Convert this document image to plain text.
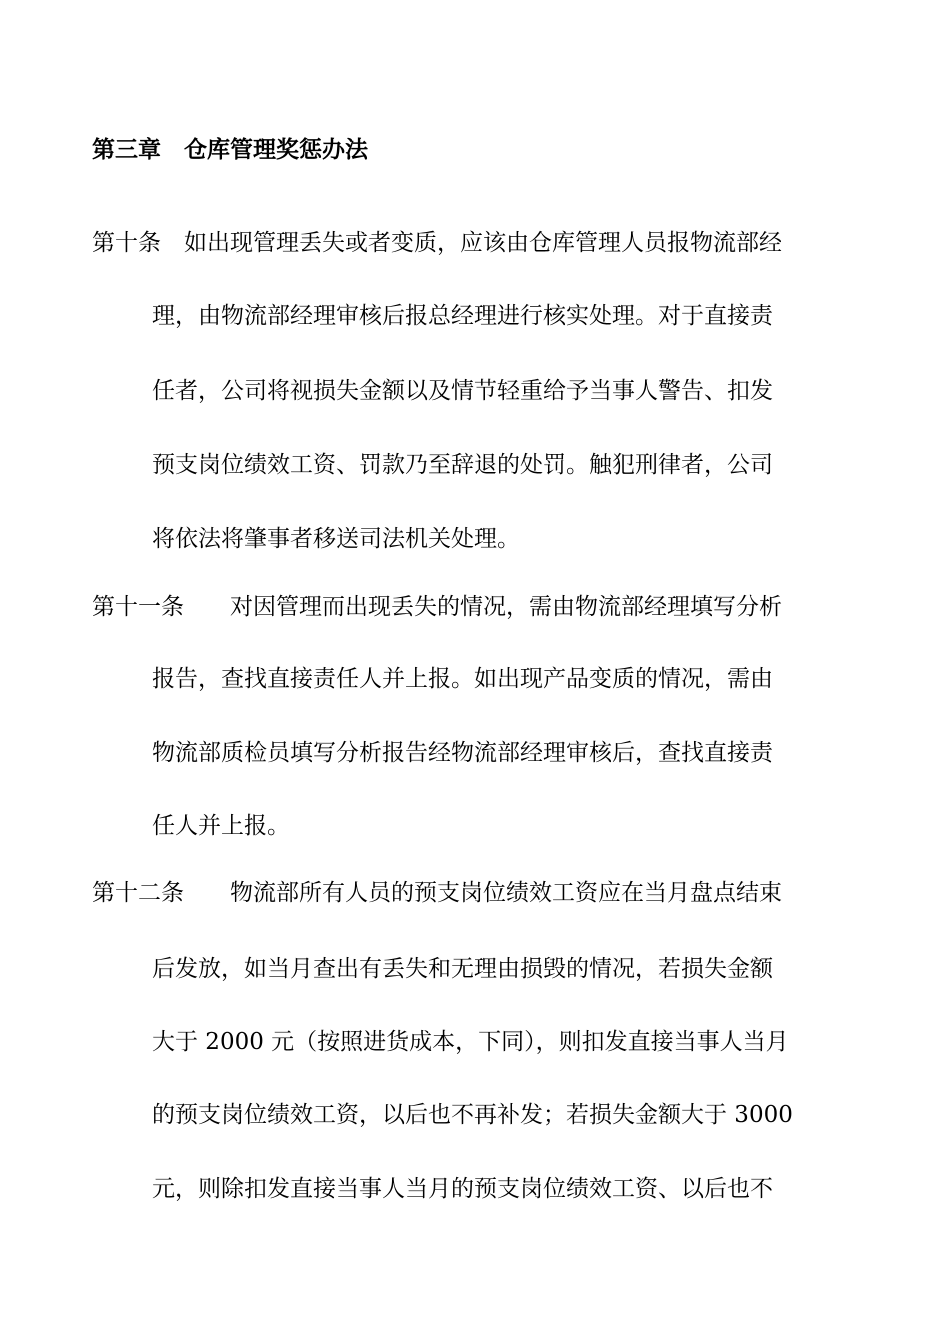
第三章　仓库管理奖惩办法

第十条　如出现管理丢失或者变质，应该由仓库管理人员报物流部经

理，由物流部经理审核后报总经理进行核实处理。对于直接责

任者，公司将视损失金额以及情节轻重给予当事人警告、扣发

预支岗位绩效工资、罚款乃至辞退的处罚。触犯刑律者，公司

将依法将肇事者移送司法机关处理。

第十一条　　对因管理而出现丢失的情况，需由物流部经理填写分析

报告，查找直接责任人并上报。如出现产品变质的情况，需由

物流部质检员填写分析报告经物流部经理审核后，查找直接责

任人并上报。

第十二条　　物流部所有人员的预支岗位绩效工资应在当月盘点结束

后发放，如当月查出有丢失和无理由损毁的情况，若损失金额

大于 2000 元（按照进货成本，下同），则扣发直接当事人当月

的预支岗位绩效工资，以后也不再补发；若损失金额大于 3000

元，则除扣发直接当事人当月的预支岗位绩效工资、以后也不
